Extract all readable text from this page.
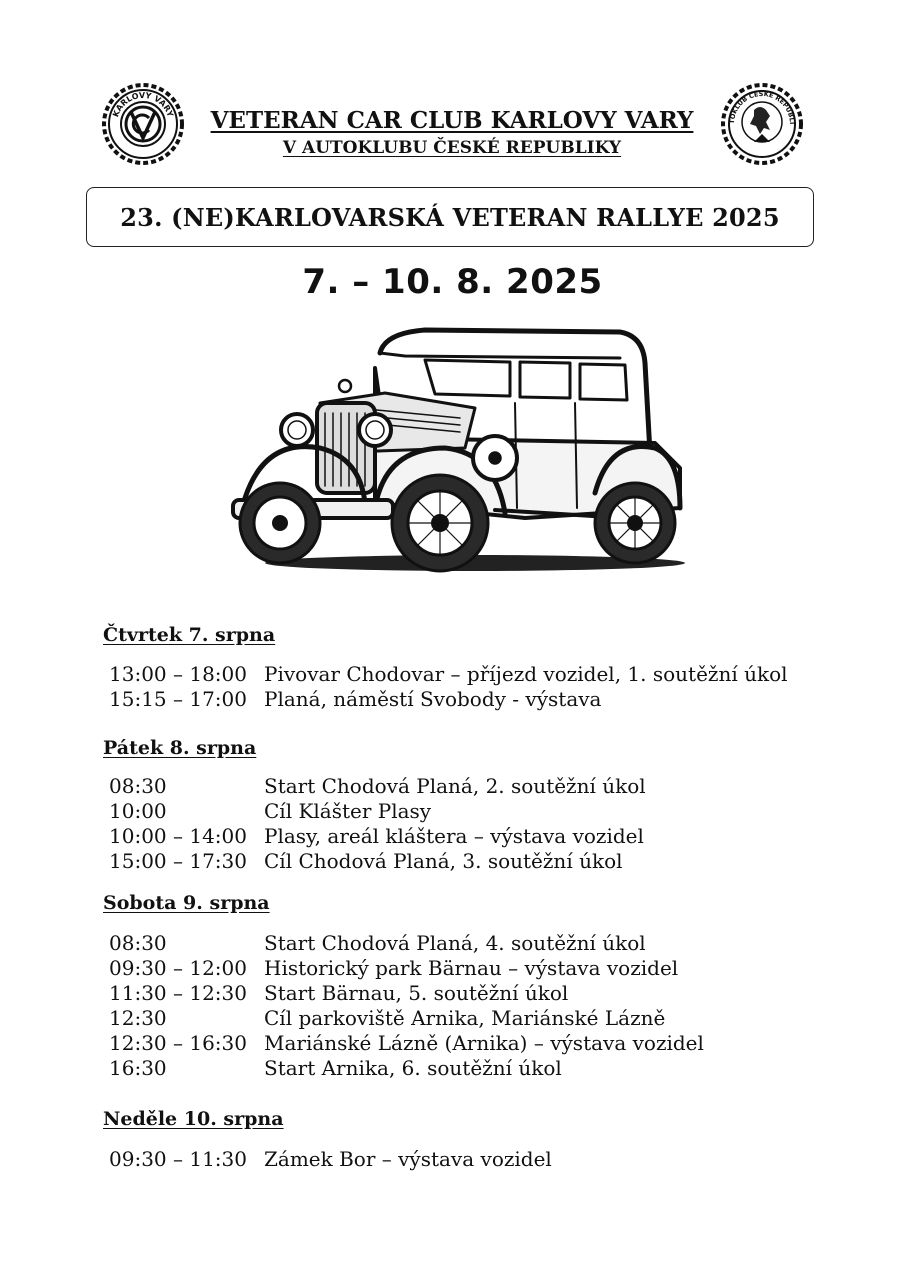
KARLOVY VARY
TOKLUB ČESKÉ REPUBLI
VETERAN CAR CLUB KARLOVY VARY
V AUTOKLUBU ČESKÉ REPUBLIKY
23. (NE)KARLOVARSKÁ VETERAN RALLYE 2025
7. – 10. 8. 2025
Čtvrtek 7. srpna
13:00 – 18:00 Pivovar Chodovar – příjezd vozidel, 1. soutěžní úkol
15:15 – 17:00 Planá, náměstí Svobody - výstava
Pátek 8. srpna
08:30	Start Chodová Planá, 2. soutěžní úkol
10:00	Cíl Klášter Plasy
10:00 – 14:00 Plasy, areál kláštera – výstava vozidel
15:00 – 17:30 Cíl Chodová Planá, 3. soutěžní úkol
Sobota 9. srpna
08:30	Start Chodová Planá, 4. soutěžní úkol
09:30 – 12:00 Historický park Bärnau – výstava vozidel
11:30 – 12:30 Start Bärnau, 5. soutěžní úkol
12:30	Cíl parkoviště Arnika, Mariánské Lázně
12:30 – 16:30 Mariánské Lázně (Arnika) – výstava vozidel
16:30	Start Arnika, 6. soutěžní úkol
Neděle 10. srpna
09:30 – 11:30 Zámek Bor – výstava vozidel
